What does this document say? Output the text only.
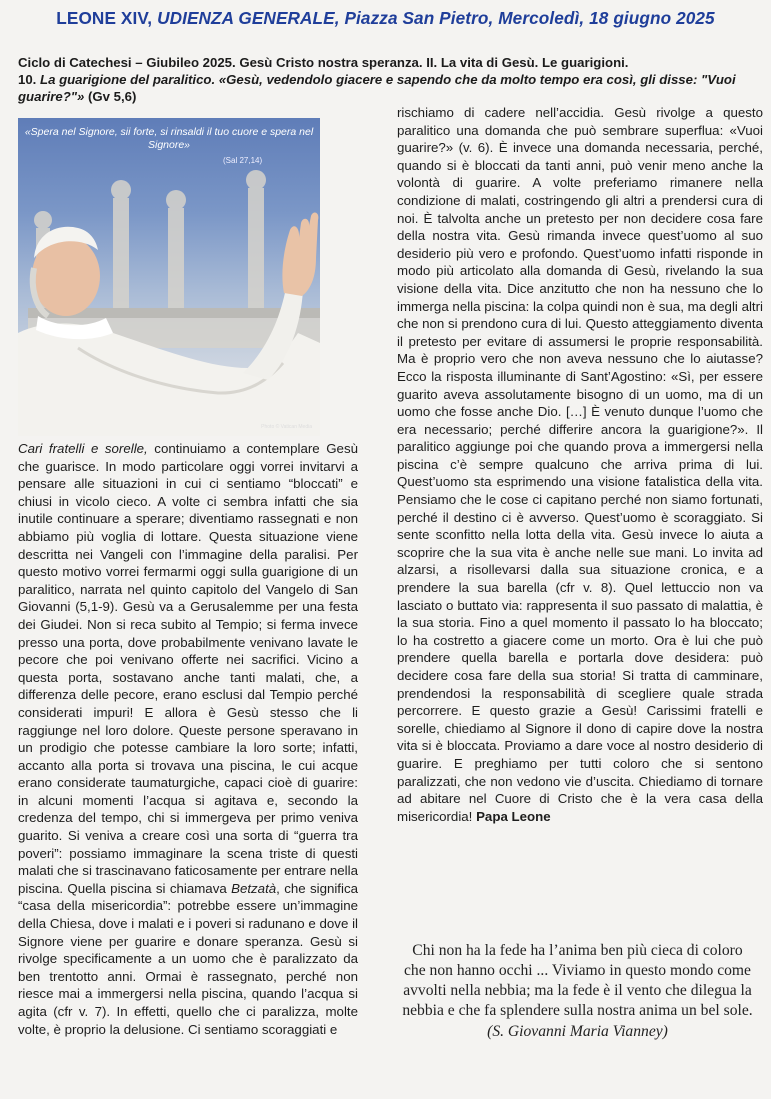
LEONE XIV, UDIENZA GENERALE, Piazza San Pietro, Mercoledì, 18 giugno 2025
Ciclo di Catechesi – Giubileo 2025. Gesù Cristo nostra speranza. II. La vita di Gesù. Le guarigioni.
10. La guarigione del paralitico. «Gesù, vedendolo giacere e sapendo che da molto tempo era così, gli disse: "Vuoi guarire?"» (Gv 5,6)
«Spera nel Signore, sii forte, si rinsaldi il tuo cuore e spera nel Signore»
(Sal 27,14)
Photo © Vatican Media

Cari fratelli e sorelle, continuiamo a contemplare Gesù che guarisce. In modo particolare oggi vorrei invitarvi a pensare alle situazioni in cui ci sentiamo “bloccati” e chiusi in vicolo cieco. A volte ci sembra infatti che sia inutile continuare a sperare; diventiamo rassegnati e non abbiamo più voglia di lottare. Questa situazione viene descritta nei Vangeli con l’immagine della paralisi. Per questo motivo vorrei fermarmi oggi sulla guarigione di un paralitico, narrata nel quinto capitolo del Vangelo di San Giovanni (5,1-9). Gesù va a Gerusalemme per una festa dei Giudei. Non si reca subito al Tempio; si ferma invece presso una porta, dove probabilmente venivano lavate le pecore che poi venivano offerte nei sacrifici. Vicino a questa porta, sostavano anche tanti malati, che, a differenza delle pecore, erano esclusi dal Tempio perché considerati impuri! E allora è Gesù stesso che li raggiunge nel loro dolore. Queste persone speravano in un prodigio che potesse cambiare la loro sorte; infatti, accanto alla porta si trovava una piscina, le cui acque erano considerate taumaturgiche, capaci cioè di guarire: in alcuni momenti l’acqua si agitava e, secondo la credenza del tempo, chi si immergeva per primo veniva guarito. Si veniva a creare così una sorta di “guerra tra poveri”: possiamo immaginare la scena triste di questi malati che si trascinavano faticosamente per entrare nella piscina. Quella piscina si chiamava Betzatà, che significa “casa della misericordia”: potrebbe essere un’immagine della Chiesa, dove i malati e i poveri si radunano e dove il Signore viene per guarire e donare speranza. Gesù si rivolge specificamente a un uomo che è paralizzato da ben trentotto anni. Ormai è rassegnato, perché non riesce mai a immergersi nella piscina, quando l’acqua si agita (cfr v. 7). In effetti, quello che ci paralizza, molte volte, è proprio la delusione. Ci sentiamo scoraggiati e

rischiamo di cadere nell’accidia. Gesù rivolge a questo paralitico una domanda che può sembrare superflua: «Vuoi guarire?» (v. 6). È invece una domanda necessaria, perché, quando si è bloccati da tanti anni, può venir meno anche la volontà di guarire. A volte preferiamo rimanere nella condizione di malati, costringendo gli altri a prendersi cura di noi. È talvolta anche un pretesto per non decidere cosa fare della nostra vita. Gesù rimanda invece quest’uomo al suo desiderio più vero e profondo. Quest’uomo infatti risponde in modo più articolato alla domanda di Gesù, rivelando la sua visione della vita. Dice anzitutto che non ha nessuno che lo immerga nella piscina: la colpa quindi non è sua, ma degli altri che non si prendono cura di lui. Questo atteggiamento diventa il pretesto per evitare di assumersi le proprie responsabilità. Ma è proprio vero che non aveva nessuno che lo aiutasse? Ecco la risposta illuminante di Sant’Agostino: «Sì, per essere guarito aveva assolutamente bisogno di un uomo, ma di un uomo che fosse anche Dio. […] È venuto dunque l’uomo che era necessario; perché differire ancora la guarigione?». Il paralitico aggiunge poi che quando prova a immergersi nella piscina c’è sempre qualcuno che arriva prima di lui. Quest’uomo sta esprimendo una visione fatalistica della vita. Pensiamo che le cose ci capitano perché non siamo fortunati, perché il destino ci è avverso. Quest’uomo è scoraggiato. Si sente sconfitto nella lotta della vita. Gesù invece lo aiuta a scoprire che la sua vita è anche nelle sue mani. Lo invita ad alzarsi, a risollevarsi dalla sua situazione cronica, e a prendere la sua barella (cfr v. 8). Quel lettuccio non va lasciato o buttato via: rappresenta il suo passato di malattia, è la sua storia. Fino a quel momento il passato lo ha bloccato; lo ha costretto a giacere come un morto. Ora è lui che può prendere quella barella e portarla dove desidera: può decidere cosa fare della sua storia! Si tratta di camminare, prendendosi la responsabilità di scegliere quale strada percorrere. E questo grazie a Gesù! Carissimi fratelli e sorelle, chiediamo al Signore il dono di capire dove la nostra vita si è bloccata. Proviamo a dare voce al nostro desiderio di guarire. E preghiamo per tutti coloro che si sentono paralizzati, che non vedono vie d’uscita. Chiediamo di tornare ad abitare nel Cuore di Cristo che è la vera casa della misericordia! Papa Leone

Chi non ha la fede ha l’anima ben più cieca di coloro che non hanno occhi ... Viviamo in questo mondo come avvolti nella nebbia; ma la fede è il vento che dilegua la nebbia e che fa splendere sulla nostra anima un bel sole.
(S. Giovanni Maria Vianney)
